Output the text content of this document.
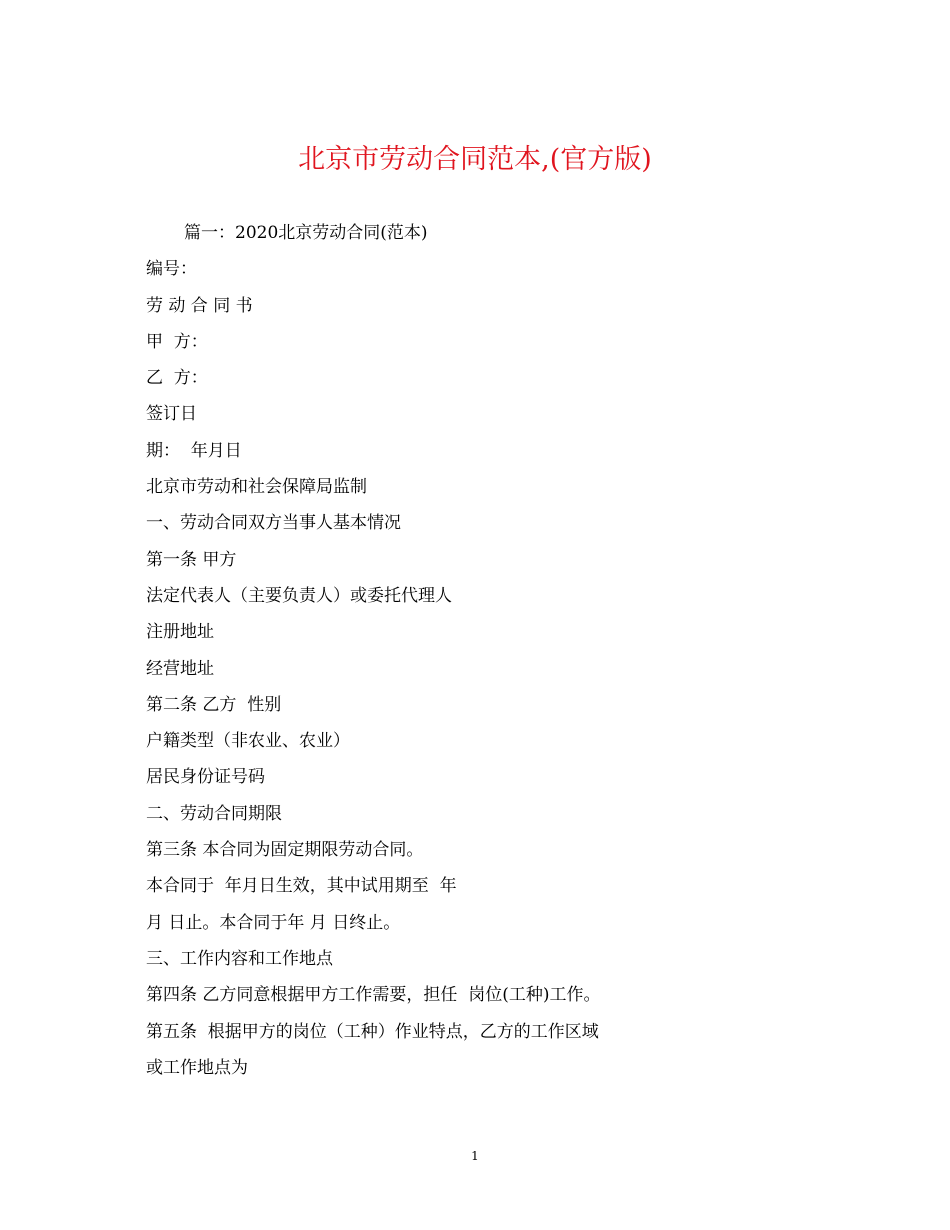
北京市劳动合同范本,(官方版)
篇一：2020北京劳动合同(范本)
编号：
劳 动 合 同 书
甲  方：
乙  方：
签订日
期：  年月日
北京市劳动和社会保障局监制
一、劳动合同双方当事人基本情况
第一条 甲方
法定代表人（主要负责人）或委托代理人
注册地址
经营地址
第二条 乙方  性别
户籍类型（非农业、农业）
居民身份证号码
二、劳动合同期限
第三条 本合同为固定期限劳动合同。
本合同于  年月日生效，其中试用期至  年
月 日止。本合同于年 月 日终止。
三、工作内容和工作地点
第四条 乙方同意根据甲方工作需要，担任  岗位(工种)工作。
第五条  根据甲方的岗位（工种）作业特点，乙方的工作区域
或工作地点为
1
